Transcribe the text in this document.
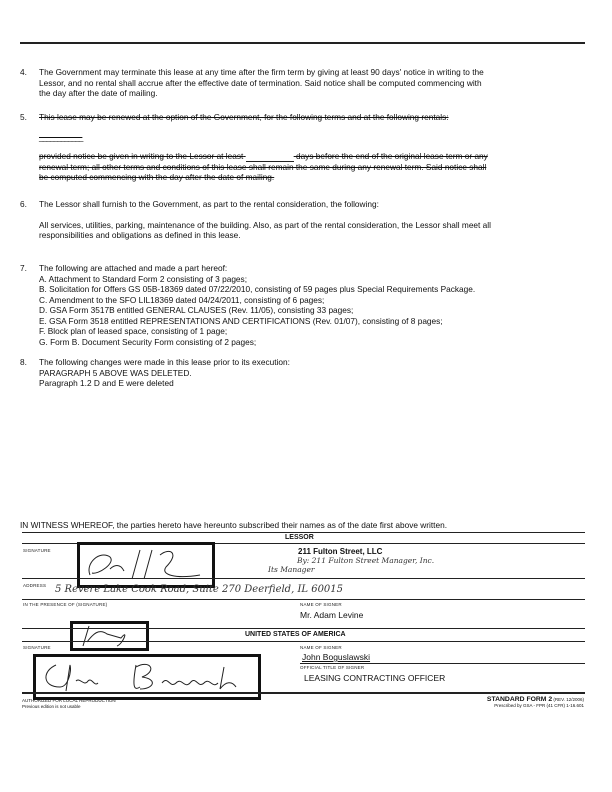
4.	The Government may terminate this lease at any time after the firm term by giving at least 90 days' notice in writing to the
Lessor, and no rental shall accrue after the effective date of termination. Said notice shall be computed commencing with
the day after the date of mailing.
5.	This lease may be renewed at the option of the Government, for the following terms and at the following rentals:
____________
provided notice be given in writing to the Lessor at least	days before the end of the original lease term or any
renewal term; all other terms and conditions of this lease shall remain the same during any renewal term. Said notice shall
be computed commencing with the day after the date of mailing.
6.	The Lessor shall furnish to the Government, as part to the rental consideration, the following:
All services, utilities, parking, maintenance of the building. Also, as part of the rental consideration, the Lessor shall meet all
responsibilities and obligations as defined in this lease.
7.	The following are attached and made a part hereof:
A. Attachment to Standard Form 2 consisting of 3 pages;
B. Solicitation for Offers GS 05B-18369 dated 07/22/2010, consisting of 59 pages plus Special Requirements Package.
C. Amendment to the SFO LIL18369 dated 04/24/2011, consisting of 6 pages;
D. GSA Form 3517B entitled GENERAL CLAUSES (Rev. 11/05), consisting 33 pages;
E. GSA Form 3518 entitled REPRESENTATIONS AND CERTIFICATIONS (Rev. 01/07), consisting of 8 pages;
F. Block plan of leased space, consisting of 1 page;
G. Form B. Document Security Form consisting of 2 pages;
8.	The following changes were made in this lease prior to its execution:
PARAGRAPH 5 ABOVE WAS DELETED.
Paragraph 1.2 D and E were deleted
IN WITNESS WHEREOF, the parties hereto have hereunto subscribed their names as of the date first above written.
LESSOR
SIGNATURE	211 Fulton Street, LLC
By: 211 Fulton Street Manager, Inc.
Its Manager
ADDRESS 5 Revere Lake Cook Road, Suite 270 Deerfield, IL 60015
IN THE PRESENCE OF (SIGNATURE)	NAME OF SIGNER
Mr. Adam Levine
UNITED STATES OF AMERICA
SIGNATURE	NAME OF SIGNER
John Boguslawski
OFFICIAL TITLE OF SIGNER
LEASING CONTRACTING OFFICER
AUTHORIZED FOR LOCAL REPRODUCTION
Previous edition is not usable
STANDARD FORM 2 (REV. 12/2006)
Prescribed by GSA - FPR (41 CFR) 1-16.601
